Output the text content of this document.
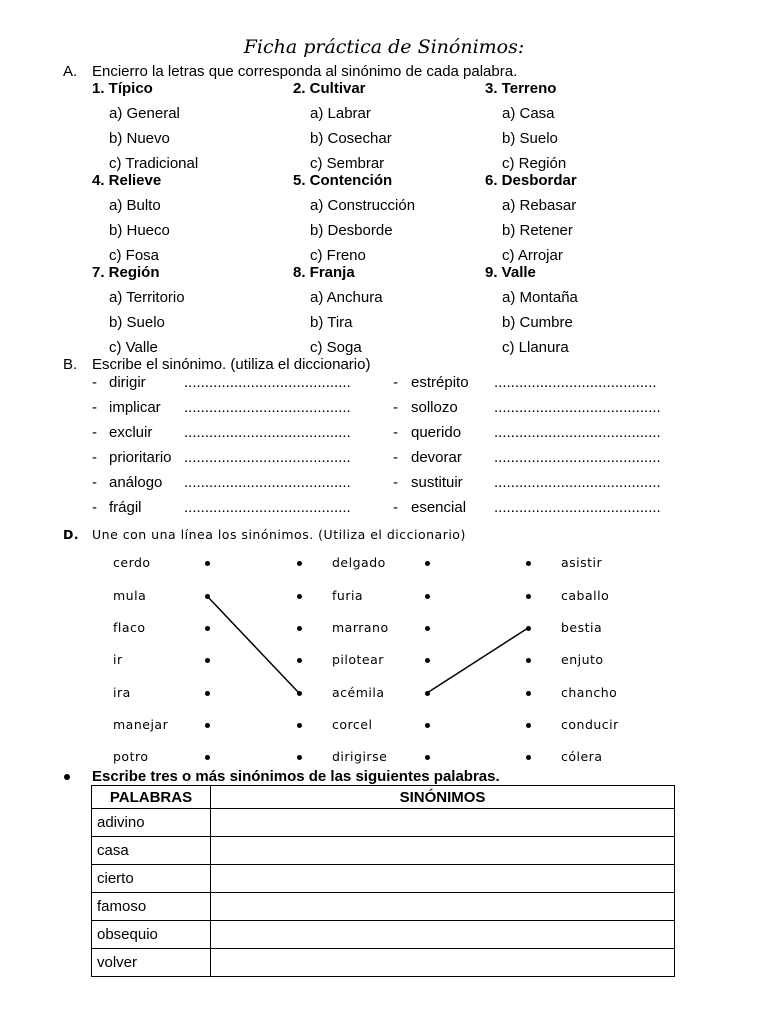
Ficha práctica de Sinónimos:
A. Encierro la letras que corresponda al sinónimo de cada palabra.
1. Típico
a) General
b) Nuevo
c) Tradicional
2. Cultivar
a) Labrar
b) Cosechar
c) Sembrar
3. Terreno
a) Casa
b) Suelo
c) Región
4. Relieve
a) Bulto
b) Hueco
c) Fosa
5. Contención
a) Construcción
b) Desborde
c) Freno
6. Desbordar
a) Rebasar
b) Retener
c) Arrojar
7. Región
a) Territorio
b) Suelo
c) Valle
8. Franja
a) Anchura
b) Tira
c) Soga
9. Valle
a) Montaña
b) Cumbre
c) Llanura
B. Escribe el sinónimo. (utiliza el diccionario)
- dirigir	........................................
- implicar ........................................
- excluir ........................................
- prioritario ........................................
- análogo ........................................
- frágil	........................................
- estrépito .......................................
- sollozo ........................................
- querido ........................................
- devorar ........................................
- sustituir ........................................
- esencial ........................................
D. Une con una línea los sinónimos. (Utiliza el diccionario)
cerdo
mula
flaco
ir
ira
manejar
potro
delgado
furia
marrano
pilotear
acémila
corcel
dirigirse
asistir
caballo
bestia
enjuto
chancho
conducir
cólera
Escribe tres o más sinónimos de las siguientes palabras.
PALABRAS	SINÓNIMOS
adivino	
casa	
cierto	
famoso	
obsequio	
volver	
